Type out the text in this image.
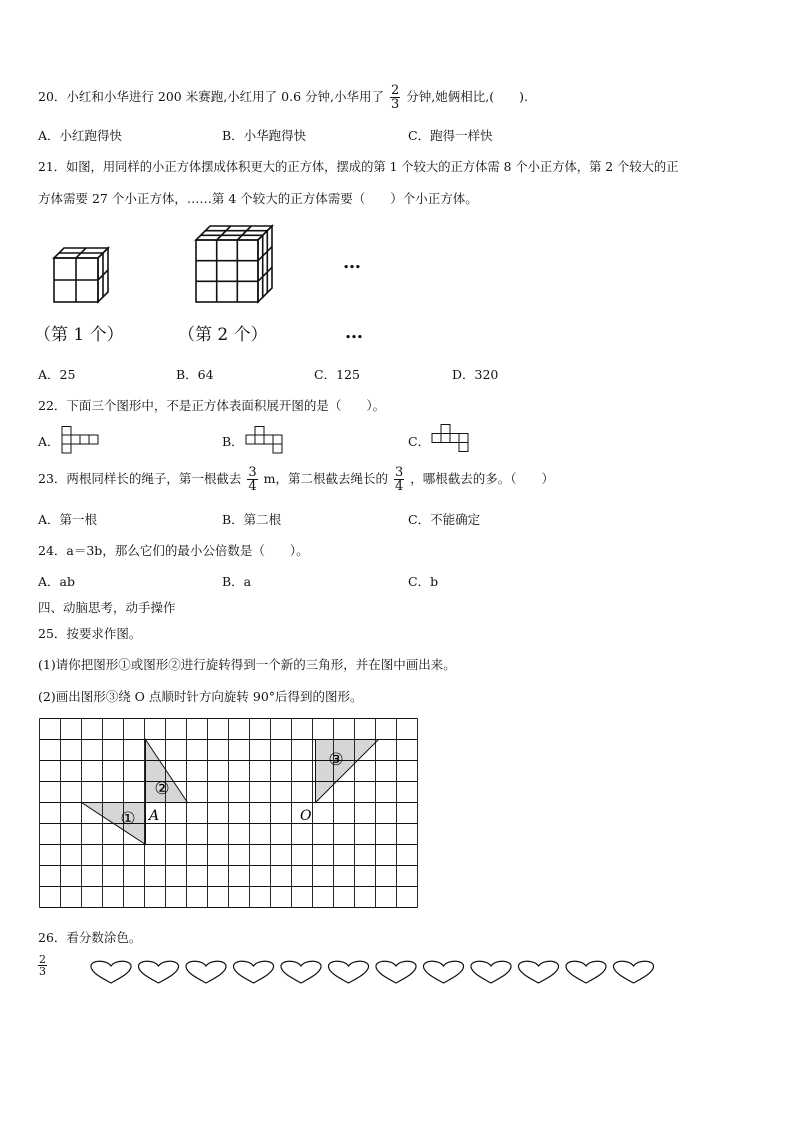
20．小红和小华进行 200 米赛跑,小红用了 0.6 分钟,小华用了 $\frac{2}{3}$ 分钟,她俩相比,(　　).
A．小红跑得快	B．小华跑得快	C．跑得一样快
21．如图，用同样的小正方体摆成体积更大的正方体，摆成的第 1 个较大的正方体需 8 个小正方体，第 2 个较大的正
方体需要 27 个小正方体，……第 4 个较大的正方体需要（　　）个小正方体。
…
（第 1 个）	（第 2 个）	…
A．25	B．64	C．125	D．320
22．下面三个图形中，不是正方体表面积展开图的是（　　）。
A．	B．	C．
23．两根同样长的绳子，第一根截去 $\frac{3}{4}$ m，第二根截去绳长的 $\frac{3}{4}$ ，哪根截去的多。（　　）
A．第一根	B．第二根	C．不能确定
24．a＝3b，那么它们的最小公倍数是（　　）。
A．ab	B．a	C．b
四、动脑思考，动手操作
25．按要求作图。
(1)请你把图形①或图形②进行旋转得到一个新的三角形，并在图中画出来。
(2)画出图形③绕 O 点顺时针方向旋转 90°后得到的图形。
①
②
③
A	O
26．看分数涂色。
$\frac{2}{3}$
